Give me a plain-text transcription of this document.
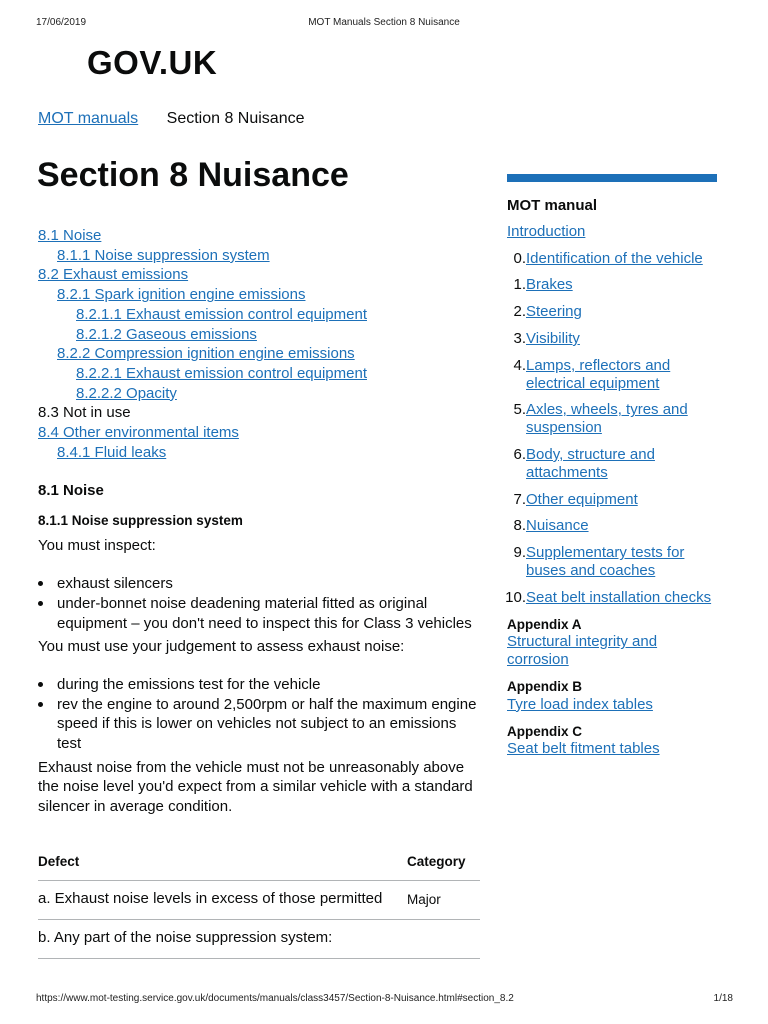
17/06/2019	MOT Manuals Section 8 Nuisance
GOV.UK
MOT manuals Section 8 Nuisance
Section 8 Nuisance
8.1 Noise
8.1.1 Noise suppression system
8.2 Exhaust emissions
8.2.1 Spark ignition engine emissions
8.2.1.1 Exhaust emission control equipment
8.2.1.2 Gaseous emissions
8.2.2 Compression ignition engine emissions
8.2.2.1 Exhaust emission control equipment
8.2.2.2 Opacity
8.3 Not in use
8.4 Other environmental items
8.4.1 Fluid leaks
8.1 Noise
8.1.1 Noise suppression system

You must inspect:

exhaust silencers
under-bonnet noise deadening material fitted as original equipment – you don't need to inspect this for Class 3 vehicles

You must use your judgement to assess exhaust noise:

during the emissions test for the vehicle
rev the engine to around 2,500rpm or half the maximum engine speed if this is lower on vehicles not subject to an emissions test

Exhaust noise from the vehicle must not be unreasonably above the noise level you'd expect from a similar vehicle with a standard silencer in average condition.

Defect	Category
a. Exhaust noise levels in excess of those permitted	Major
b. Any part of the noise suppression system:	
MOT manual
Introduction
0. Identification of the vehicle
1. Brakes
2. Steering
3. Visibility
4. Lamps, reflectors and electrical equipment
5. Axles, wheels, tyres and suspension
6. Body, structure and attachments
7. Other equipment
8. Nuisance
9. Supplementary tests for buses and coaches
10. Seat belt installation checks
Appendix A
Structural integrity and corrosion
Appendix B
Tyre load index tables
Appendix C
Seat belt fitment tables
https://www.mot-testing.service.gov.uk/documents/manuals/class3457/Section-8-Nuisance.html#section_8.2	1/18
